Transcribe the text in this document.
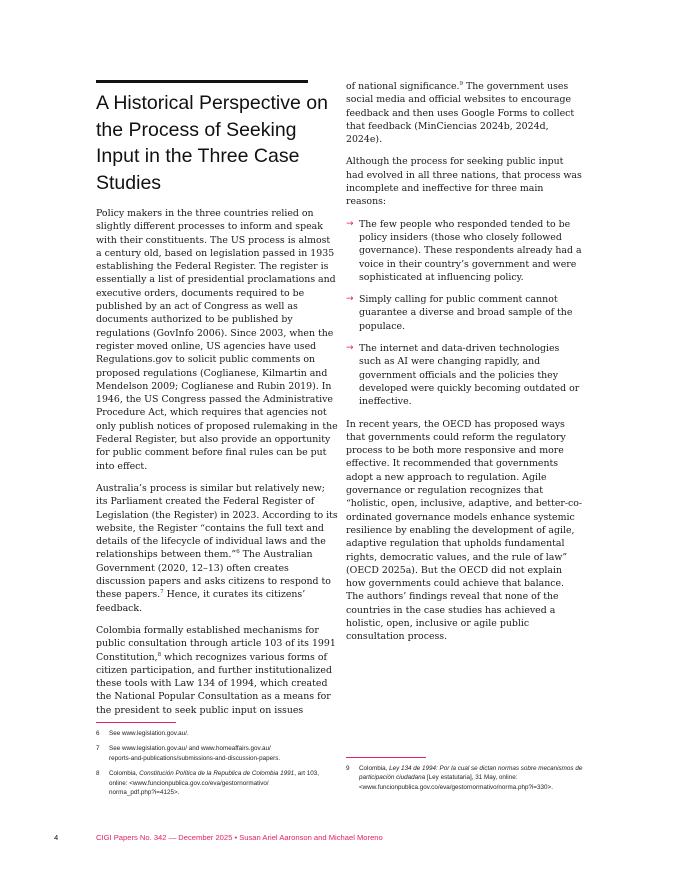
A Historical Perspective on the Process of Seeking Input in the Three Case Studies

Policy makers in the three countries relied on slightly different processes to inform and speak with their constituents. The US process is almost a century old, based on legislation passed in 1935 establishing the Federal Register. The register is essentially a list of presidential proclamations and executive orders, documents required to be published by an act of Congress as well as documents authorized to be published by regulations (GovInfo 2006). Since 2003, when the register moved online, US agencies have used Regulations.gov to solicit public comments on proposed regulations (Coglianese, Kilmartin and Mendelson 2009; Coglianese and Rubin 2019). In 1946, the US Congress passed the Administrative Procedure Act, which requires that agencies not only publish notices of proposed rulemaking in the Federal Register, but also provide an opportunity for public comment before final rules can be put into effect.

Australia’s process is similar but relatively new; its Parliament created the Federal Register of Legislation (the Register) in 2023. According to its website, the Register “contains the full text and details of the lifecycle of individual laws and the relationships between them.”$^6$ The Australian Government (2020, 12–13) often creates discussion papers and asks citizens to respond to these papers.$^7$ Hence, it curates its citizens’ feedback.

Colombia formally established mechanisms for public consultation through article 103 of its 1991 Constitution,$^8$ which recognizes various forms of citizen participation, and further institutionalized these tools with Law 134 of 1994, which created the National Popular Consultation as a means for the president to seek public input on issues

of national significance.$^9$ The government uses social media and official websites to encourage feedback and then uses Google Forms to collect that feedback (MinCiencias 2024b, 2024d, 2024e).

Although the process for seeking public input had evolved in all three nations, that process was incomplete and ineffective for three main reasons:

→ The few people who responded tended to be policy insiders (those who closely followed governance). These respondents already had a voice in their country’s government and were sophisticated at influencing policy.
→ Simply calling for public comment cannot guarantee a diverse and broad sample of the populace.
→ The internet and data-driven technologies such as AI were changing rapidly, and government officials and the policies they developed were quickly becoming outdated or ineffective.

In recent years, the OECD has proposed ways that governments could reform the regulatory process to be both more responsive and more effective. It recommended that governments adopt a new approach to regulation. Agile governance or regulation recognizes that “holistic, open, inclusive, adaptive, and better-co-ordinated governance models enhance systemic resilience by enabling the development of agile, adaptive regulation that upholds fundamental rights, democratic values, and the rule of law” (OECD 2025a). But the OECD did not explain how governments could achieve that balance. The authors’ findings reveal that none of the countries in the case studies has achieved a holistic, open, inclusive or agile public consultation process.

6 See www.legislation.gov.au/.
7 See www.legislation.gov.au/ and www.homeaffairs.gov.au/
reports-and-publications/submissions-and-discussion-papers.
8 Colombia, Constitución Política de la Republica de Colombia 1991, art 103, online: <www.funcionpublica.gov.co/eva/gestornormativo/
norma_pdf.php?i=4125>.
9 Colombia, Ley 134 de 1994: Por la cual se dictan normas sobre mecanismos de participación ciudadana [Ley estatutaria], 31 May, online: <www.funcionpublica.gov.co/eva/gestornormativo/norma.php?i=330>.
4	CIGI Papers No. 342 — December 2025 • Susan Ariel Aaronson and Michael Moreno
